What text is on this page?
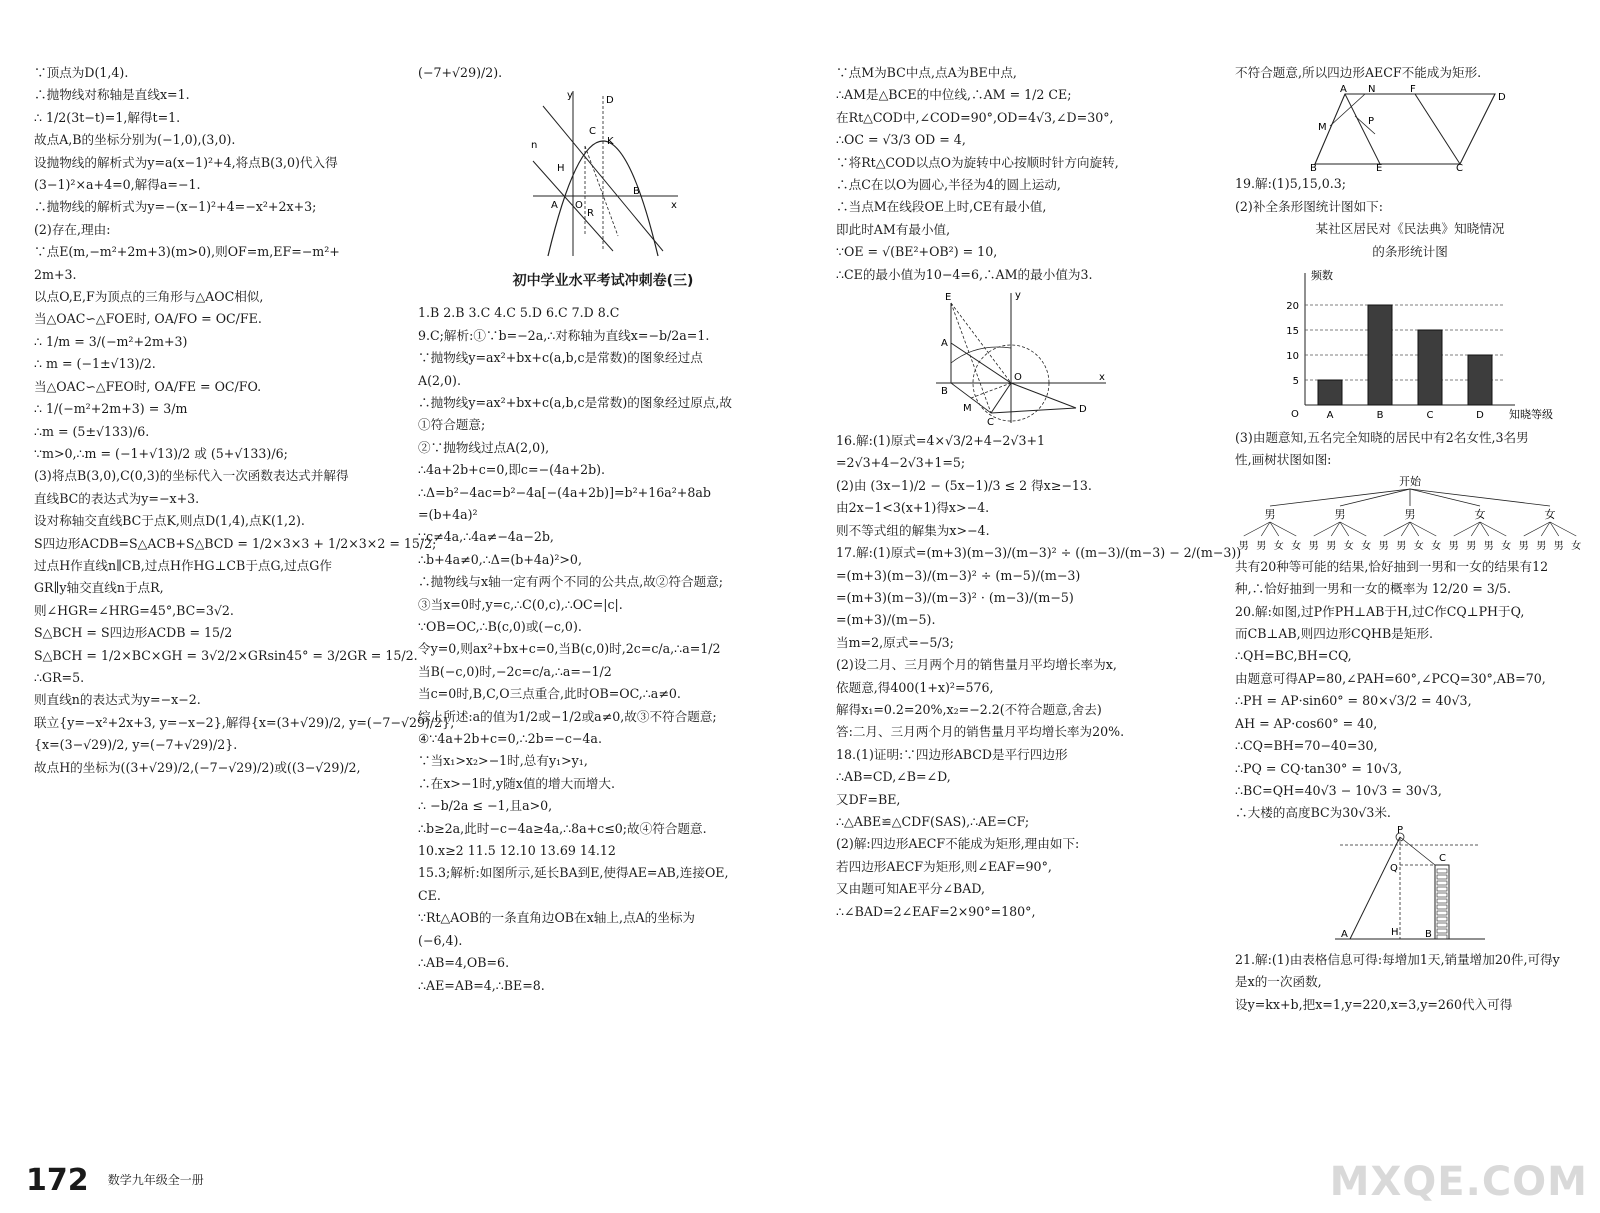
∵顶点为D(1,4).
∴抛物线对称轴是直线x=1.
∴ 1/2(3t−t)=1,解得t=1.
故点A,B的坐标分别为(−1,0),(3,0).
设抛物线的解析式为y=a(x−1)²+4,将点B(3,0)代入得
(3−1)²×a+4=0,解得a=−1.
∴抛物线的解析式为y=−(x−1)²+4=−x²+2x+3;
(2)存在,理由:
∵点E(m,−m²+2m+3)(m>0),则OF=m,EF=−m²+
2m+3.
以点O,E,F为顶点的三角形与△AOC相似,
当△OAC∽△FOE时, OA/FO = OC/FE.
∴ 1/m = 3/(−m²+2m+3)
∴ m = (−1±√13)/2.
当△OAC∽△FEO时, OA/FE = OC/FO.
∴ 1/(−m²+2m+3) = 3/m
∴m = (5±√133)/6.
∵m>0,∴m = (−1+√13)/2 或 (5+√133)/6;
(3)将点B(3,0),C(0,3)的坐标代入一次函数表达式并解得
直线BC的表达式为y=−x+3.
设对称轴交直线BC于点K,则点D(1,4),点K(1,2).
S四边形ACDB=S△ACB+S△BCD = 1/2×3×3 + 1/2×3×2 = 15/2;
过点H作直线n∥CB,过点H作HG⊥CB于点G,过点G作
GR∥y轴交直线n于点R,
则∠HGR=∠HRG=45°,BC=3√2.
S△BCH = S四边形ACDB = 15/2
S△BCH = 1/2×BC×GH = 3√2/2×GRsin45° = 3/2GR = 15/2.
∴GR=5.
则直线n的表达式为y=−x−2.
联立{y=−x²+2x+3, y=−x−2},解得{x=(3+√29)/2, y=(−7−√29)/2},
{x=(3−√29)/2, y=(−7+√29)/2}.
故点H的坐标为((3+√29)/2,(−7−√29)/2)或((3−√29)/2,
(−7+√29)/2).
y
x
D
C
K
n
H
A O
R
B
初中学业水平考试冲刺卷(三)
1.B 2.B 3.C 4.C 5.D 6.C 7.D 8.C
9.C;解析:①∵b=−2a,∴对称轴为直线x=−b/2a=1.
∵抛物线y=ax²+bx+c(a,b,c是常数)的图象经过点
A(2,0).
∴抛物线y=ax²+bx+c(a,b,c是常数)的图象经过原点,故
①符合题意;
②∵抛物线过点A(2,0),
∴4a+2b+c=0,即c=−(4a+2b).
∴Δ=b²−4ac=b²−4a[−(4a+2b)]=b²+16a²+8ab
=(b+4a)²
∵c≠4a,∴4a≠−4a−2b,
∴b+4a≠0,∴Δ=(b+4a)²>0,
∴抛物线与x轴一定有两个不同的公共点,故②符合题意;
③当x=0时,y=c,∴C(0,c),∴OC=|c|.
∵OB=OC,∴B(c,0)或(−c,0).
令y=0,则ax²+bx+c=0,当B(c,0)时,2c=c/a,∴a=1/2
当B(−c,0)时,−2c=c/a,∴a=−1/2
当c=0时,B,C,O三点重合,此时OB=OC,∴a≠0.
综上所述:a的值为1/2或−1/2或a≠0,故③不符合题意;
④∵4a+2b+c=0,∴2b=−c−4a.
∵当x₁>x₂>−1时,总有y₁>y₁,
∴在x>−1时,y随x值的增大而增大.
∴ −b/2a ≤ −1,且a>0,
∴b≥2a,此时−c−4a≥4a,∴8a+c≤0;故④符合题意.
10.x≥2 11.5 12.10 13.69 14.12
15.3;解析:如图所示,延长BA到E,使得AE=AB,连接OE,
CE.
∵Rt△AOB的一条直角边OB在x轴上,点A的坐标为
(−6,4).
∴AB=4,OB=6.
∴AE=AB=4,∴BE=8.
∵点M为BC中点,点A为BE中点,
∴AM是△BCE的中位线,∴AM = 1/2 CE;
在Rt△COD中,∠COD=90°,OD=4√3,∠D=30°,
∴OC = √3/3 OD = 4,
∵将Rt△COD以点O为旋转中心按顺时针方向旋转,
∴点C在以O为圆心,半径为4的圆上运动,
∴当点M在线段OE上时,CE有最小值,
即此时AM有最小值,
∵OE = √(BE²+OB²) = 10,
∴CE的最小值为10−4=6,∴AM的最小值为3.
E
A
y
B
O	x
M
C
D
16.解:(1)原式=4×√3/2+4−2√3+1
=2√3+4−2√3+1=5;
(2)由 (3x−1)/2 − (5x−1)/3 ≤ 2 得x≥−13.
由2x−1<3(x+1)得x>−4.
则不等式组的解集为x>−4.
17.解:(1)原式=(m+3)(m−3)/(m−3)² ÷ ((m−3)/(m−3) − 2/(m−3))
=(m+3)(m−3)/(m−3)² ÷ (m−5)/(m−3)
=(m+3)(m−3)/(m−3)² · (m−3)/(m−5)
=(m+3)/(m−5).
当m=2,原式=−5/3;
(2)设二月、三月两个月的销售量月平均增长率为x,
依题意,得400(1+x)²=576,
解得x₁=0.2=20%,x₂=−2.2(不符合题意,舍去)
答:二月、三月两个月的销售量月平均增长率为20%.
18.(1)证明:∵四边形ABCD是平行四边形
∴AB=CD,∠B=∠D,
又DF=BE,
∴△ABE≌△CDF(SAS),∴AE=CF;
(2)解:四边形AECF不能成为矩形,理由如下:
若四边形AECF为矩形,则∠EAF=90°,
又由题可知AE平分∠BAD,
∴∠BAD=2∠EAF=2×90°=180°,
不符合题意,所以四边形AECF不能成为矩形.
A N	F
D
M
P
B	E	C
19.解:(1)5,15,0.3;
(2)补全条形图统计图如下:
某社区居民对《民法典》知晓情况
的条形统计图
5
10
15
20
A	B	C	D
频数
知晓等级
O
(3)由题意知,五名完全知晓的居民中有2名女性,3名男
性,画树状图如图:
开始
男
男 男 女 女
男
男 男 女 女
男
男 男 女 女
女
男 男 男 女
女
男 男 男 女
共有20种等可能的结果,恰好抽到一男和一女的结果有12
种,∴恰好抽到一男和一女的概率为 12/20 = 3/5.
20.解:如图,过P作PH⊥AB于H,过C作CQ⊥PH于Q,
而CB⊥AB,则四边形CQHB是矩形.
∴QH=BC,BH=CQ,
由题意可得AP=80,∠PAH=60°,∠PCQ=30°,AB=70,
∴PH = AP·sin60° = 80×√3/2 = 40√3,
AH = AP·cos60° = 40,
∴CQ=BH=70−40=30,
∴PQ = CQ·tan30° = 10√3,
∴BC=QH=40√3 − 10√3 = 30√3,
∴大楼的高度BC为30√3米.
P
Q
C
A	H	B
21.解:(1)由表格信息可得:每增加1天,销量增加20件,可得y
是x的一次函数,
设y=kx+b,把x=1,y=220,x=3,y=260代入可得
172 $^{数学九年级全一册}$	MXQE.COM
